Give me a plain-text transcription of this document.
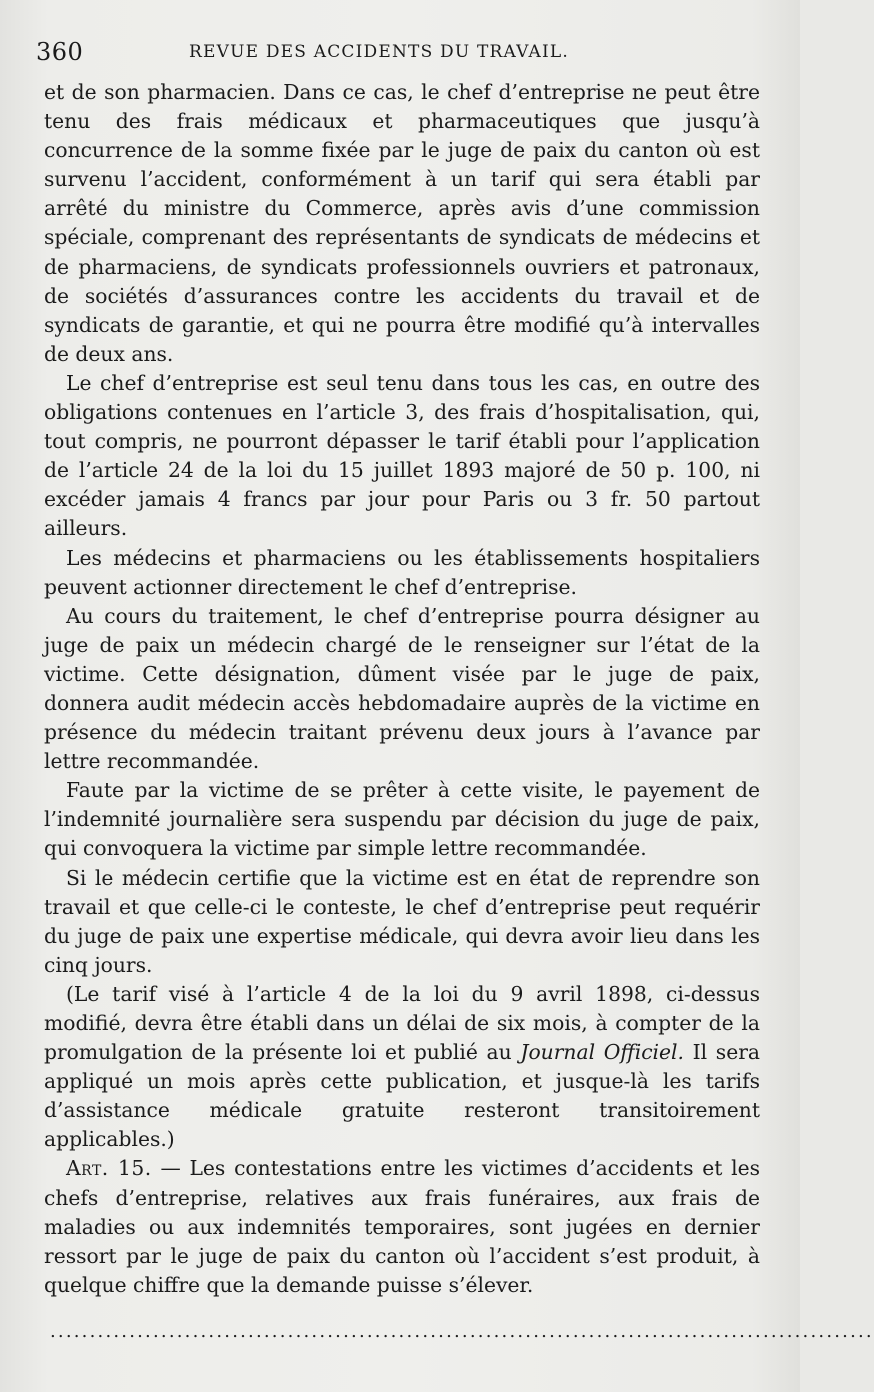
360	REVUE DES ACCIDENTS DU TRAVAIL.

et de son pharmacien. Dans ce cas, le chef d’entreprise ne peut être tenu des frais médicaux et pharmaceutiques que jusqu’à concurrence de la somme fixée par le juge de paix du canton où est survenu l’accident, conformément à un tarif qui sera établi par arrêté du ministre du Commerce, après avis d’une commission spéciale, comprenant des représentants de syndicats de médecins et de pharmaciens, de syndicats professionnels ouvriers et patronaux, de sociétés d’assurances contre les accidents du travail et de syndicats de garantie, et qui ne pourra être modifié qu’à intervalles de deux ans.

Le chef d’entreprise est seul tenu dans tous les cas, en outre des obligations contenues en l’article 3, des frais d’hospitalisation, qui, tout compris, ne pourront dépasser le tarif établi pour l’application de l’article 24 de la loi du 15 juillet 1893 majoré de 50 p. 100, ni excéder jamais 4 francs par jour pour Paris ou 3 fr. 50 partout ailleurs.

Les médecins et pharmaciens ou les établissements hospitaliers peuvent actionner directement le chef d’entreprise.

Au cours du traitement, le chef d’entreprise pourra désigner au juge de paix un médecin chargé de le renseigner sur l’état de la victime. Cette désignation, dûment visée par le juge de paix, donnera audit médecin accès hebdomadaire auprès de la victime en présence du médecin traitant prévenu deux jours à l’avance par lettre recommandée.

Faute par la victime de se prêter à cette visite, le payement de l’indemnité journalière sera suspendu par décision du juge de paix, qui convoquera la victime par simple lettre recommandée.

Si le médecin certifie que la victime est en état de reprendre son travail et que celle-ci le conteste, le chef d’entreprise peut requérir du juge de paix une expertise médicale, qui devra avoir lieu dans les cinq jours.

(Le tarif visé à l’article 4 de la loi du 9 avril 1898, ci-dessus modifié, devra être établi dans un délai de six mois, à compter de la promulgation de la présente loi et publié au Journal Officiel. Il sera appliqué un mois après cette publication, et jusque-là les tarifs d’assistance médicale gratuite resteront transitoirement applicables.)

Art. 15. — Les contestations entre les victimes d’accidents et les chefs d’entreprise, relatives aux frais funéraires, aux frais de maladies ou aux indemnités temporaires, sont jugées en dernier ressort par le juge de paix du canton où l’accident s’est produit, à quelque chiffre que la demande puisse s’élever.

........................................................................................................
